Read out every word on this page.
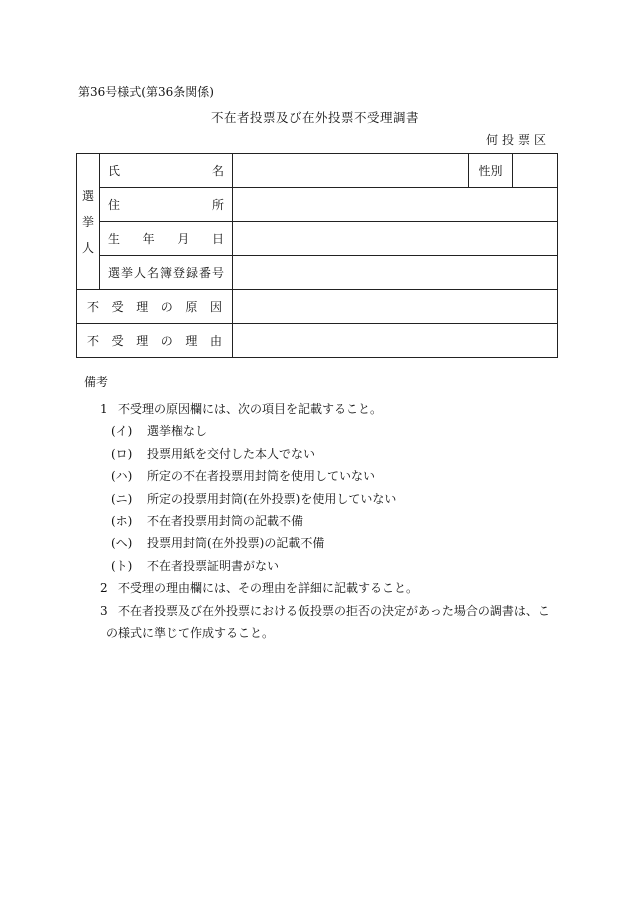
第36号様式(第36条関係)
不在者投票及び在外投票不受理調書
何投票区
選
挙
人	氏名		性別	
	住所			
	生年月日			
	選挙人名簿登録番号			
不受理の原因				
不受理の理由				
備考
1 不受理の原因欄には、次の項目を記載すること。
(イ) 選挙権なし
(ロ) 投票用紙を交付した本人でない
(ハ) 所定の不在者投票用封筒を使用していない
(ニ) 所定の投票用封筒(在外投票)を使用していない
(ホ) 不在者投票用封筒の記載不備
(ヘ) 投票用封筒(在外投票)の記載不備
(ト) 不在者投票証明書がない
2 不受理の理由欄には、その理由を詳細に記載すること。
3 不在者投票及び在外投票における仮投票の拒否の決定があった場合の調書は、こ
の様式に準じて作成すること。
